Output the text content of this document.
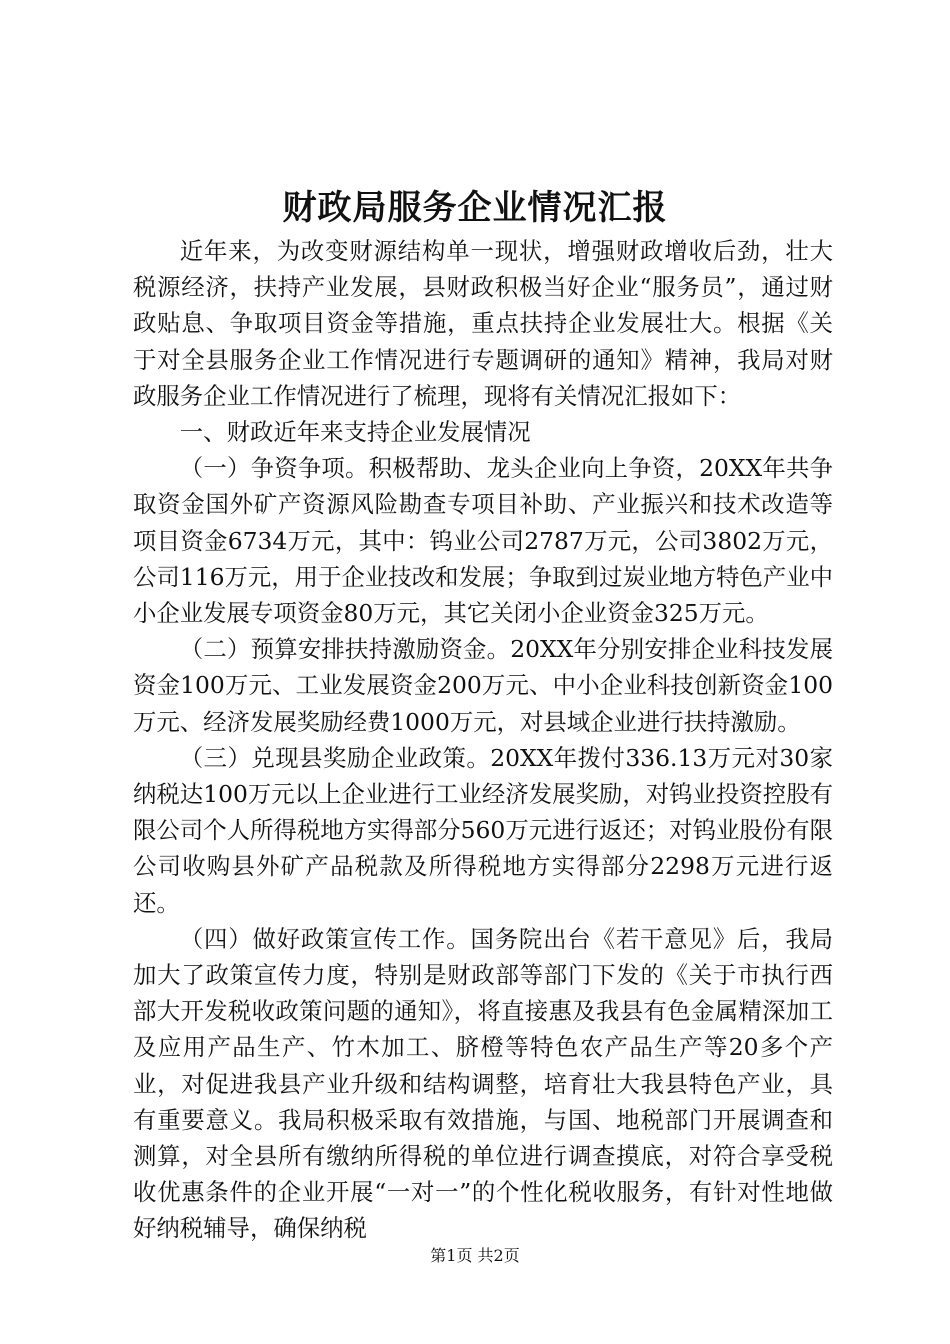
财政局服务企业情况汇报

近年来，为改变财源结构单一现状，增强财政增收后劲，壮大税源经济，扶持产业发展，县财政积极当好企业“服务员”，通过财政贴息、争取项目资金等措施，重点扶持企业发展壮大。根据《关于对全县服务企业工作情况进行专题调研的通知》精神，我局对财政服务企业工作情况进行了梳理，现将有关情况汇报如下：

一、财政近年来支持企业发展情况

（一）争资争项。积极帮助、龙头企业向上争资，20XX年共争取资金国外矿产资源风险勘查专项目补助、产业振兴和技术改造等项目资金6734万元，其中：钨业公司2787万元，公司3802万元，公司116万元，用于企业技改和发展；争取到过炭业地方特色产业中小企业发展专项资金80万元，其它关闭小企业资金325万元。

（二）预算安排扶持激励资金。20XX年分别安排企业科技发展资金100万元、工业发展资金200万元、中小企业科技创新资金100万元、经济发展奖励经费1000万元，对县域企业进行扶持激励。

（三）兑现县奖励企业政策。20XX年拨付336.13万元对30家纳税达100万元以上企业进行工业经济发展奖励，对钨业投资控股有限公司个人所得税地方实得部分560万元进行返还；对钨业股份有限公司收购县外矿产品税款及所得税地方实得部分2298万元进行返还。

（四）做好政策宣传工作。国务院出台《若干意见》后，我局加大了政策宣传力度，特别是财政部等部门下发的《关于市执行西部大开发税收政策问题的通知》，将直接惠及我县有色金属精深加工及应用产品生产、竹木加工、脐橙等特色农产品生产等20多个产业，对促进我县产业升级和结构调整，培育壮大我县特色产业，具有重要意义。我局积极采取有效措施，与国、地税部门开展调查和测算，对全县所有缴纳所得税的单位进行调查摸底，对符合享受税收优惠条件的企业开展“一对一”的个性化税收服务，有针对性地做好纳税辅导，确保纳税

第1页 共2页
